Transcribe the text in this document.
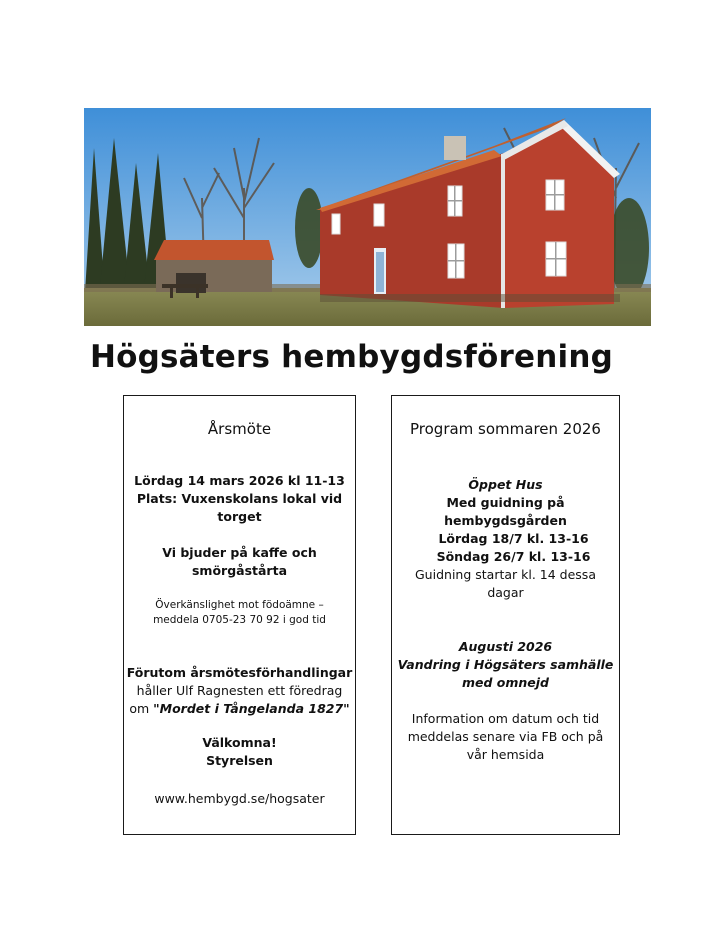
Högsäters hembygdsförening
Årsmöte
Lördag 14 mars 2026 kl 11-13
Plats: Vuxenskolans lokal vid
torget
Vi bjuder på kaffe och
smörgåstårta
Överkänslighet mot födoämne –
meddela 0705-23 70 92 i god tid
Förutom årsmötesförhandlingar
håller Ulf Ragnesten ett föredrag
om "Mordet i Tångelanda 1827"
Välkomna!
Styrelsen
www.hembygd.se/hogsater
Program sommaren 2026
Öppet Hus
Med guidning på
hembygdsgården
Lördag 18/7 kl. 13-16
Söndag 26/7 kl. 13-16
Guidning startar kl. 14 dessa
dagar
Augusti 2026
Vandring i Högsäters samhälle
med omnejd
Information om datum och tid
meddelas senare via FB och på
vår hemsida
